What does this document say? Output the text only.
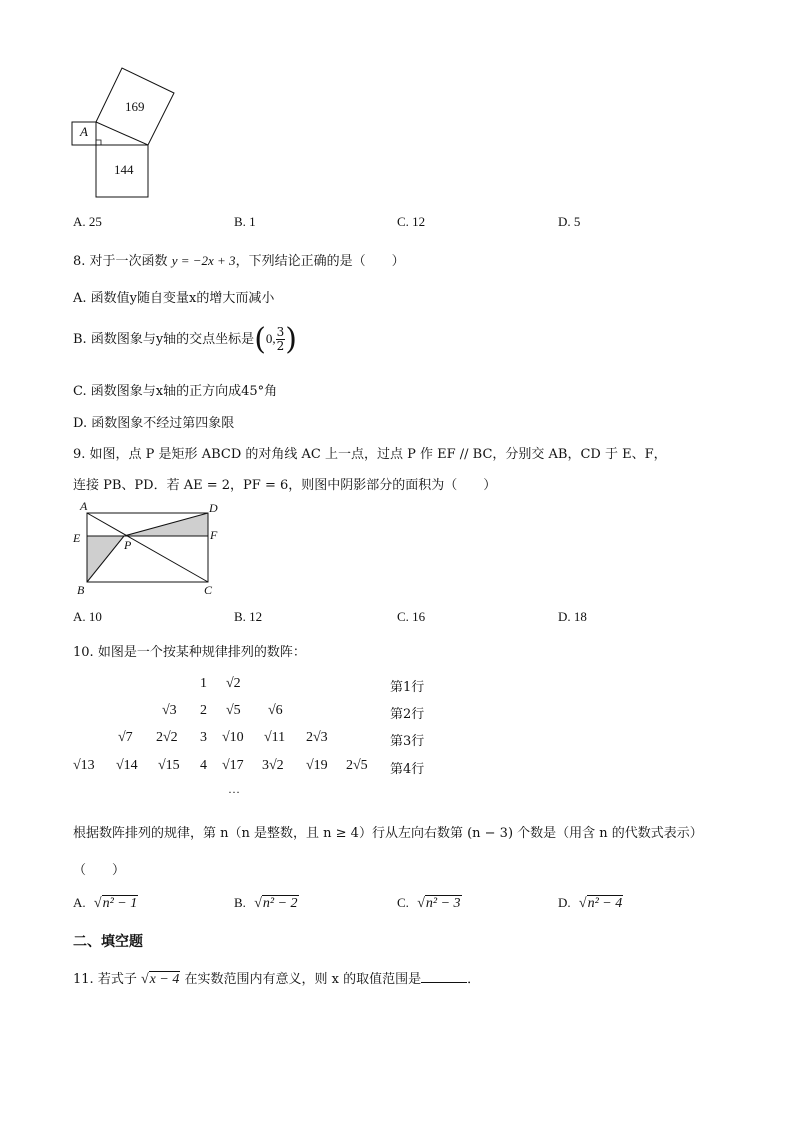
169
144
A
A. 25	B. 1	C. 12	D. 5
8. 对于一次函数 y = −2x + 3，下列结论正确的是（　　）
A. 函数值y随自变量x的增大而减小
B. 函数图象与y轴的交点坐标是(0, $\frac{3}{2}$ )
C. 函数图象与x轴的正方向成45°角
D. 函数图象不经过第四象限
9. 如图，点 P 是矩形 ABCD 的对角线 AC 上一点，过点 P 作 EF // BC，分别交 AB，CD 于 E、F，
连接 PB、PD．若 AE = 2，PF = 6，则图中阴影部分的面积为（　　）
A	D
E	F
P
B	C
A. 10	B. 12	C. 16	D. 18
10. 如图是一个按某种规律排列的数阵：
1 √2	第1行
√3 2 √5 √6	第2行
√7 2√2 3 √10 √11 2√3	第3行
√13 √14 √15 4 √17 3√2 √19 2√5 第4行
…
根据数阵排列的规律，第 n（n 是整数，且 n ≥ 4）行从左向右数第 (n − 3) 个数是（用含 n 的代数式表示）
（　　）
A. √n² − 1	B. √n² − 2	C. √n² − 3	D. √n² − 4
二、填空题
11. 若式子 √x − 4 在实数范围内有意义，则 x 的取值范围是	．
